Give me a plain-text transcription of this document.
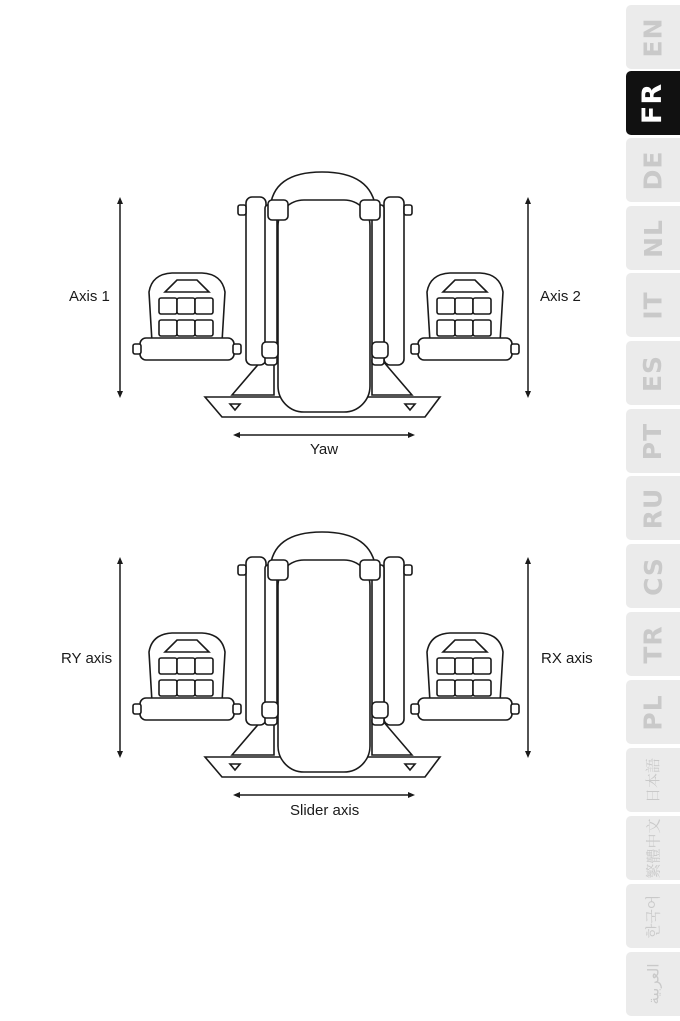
Axis 1	Axis 2
Yaw
RY axis	RX axis
Slider axis
EN
FR
DE
NL
IT
ES
PT
RU
CS
TR
PL
日本語
繁體中文
한국어
العربية
